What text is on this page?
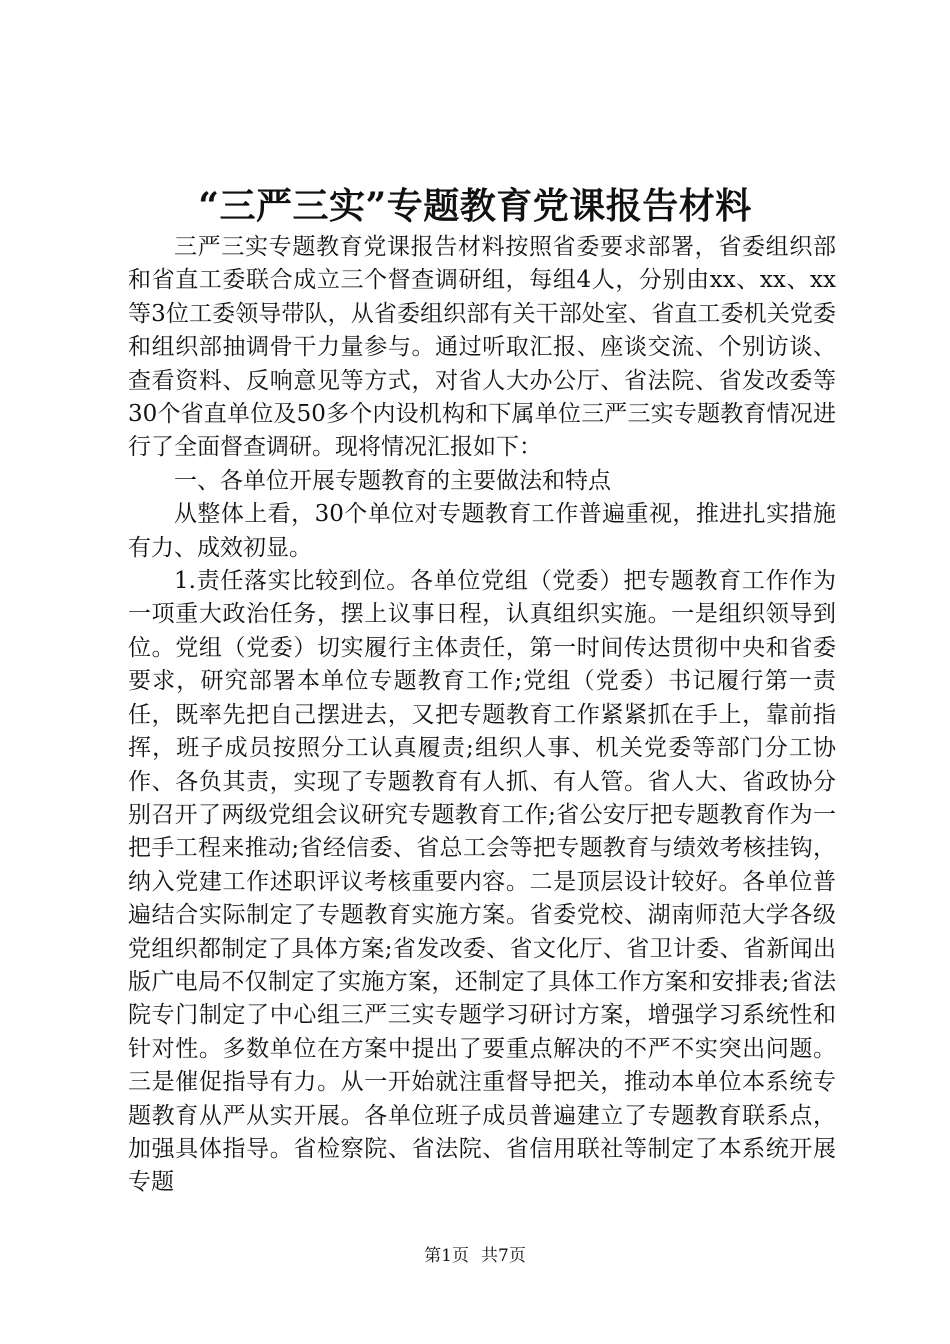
“三严三实”专题教育党课报告材料

三严三实专题教育党课报告材料按照省委要求部署，省委组织部和省直工委联合成立三个督查调研组，每组4人，分别由xx、xx、xx等3位工委领导带队，从省委组织部有关干部处室、省直工委机关党委和组织部抽调骨干力量参与。通过听取汇报、座谈交流、个别访谈、查看资料、反响意见等方式，对省人大办公厅、省法院、省发改委等30个省直单位及50多个内设机构和下属单位三严三实专题教育情况进行了全面督查调研。现将情况汇报如下：

一、各单位开展专题教育的主要做法和特点

从整体上看，30个单位对专题教育工作普遍重视，推进扎实措施有力、成效初显。

1.责任落实比较到位。各单位党组（党委）把专题教育工作作为一项重大政治任务，摆上议事日程，认真组织实施。一是组织领导到位。党组（党委）切实履行主体责任，第一时间传达贯彻中央和省委要求，研究部署本单位专题教育工作;党组（党委）书记履行第一责任，既率先把自己摆进去，又把专题教育工作紧紧抓在手上，靠前指挥，班子成员按照分工认真履责;组织人事、机关党委等部门分工协作、各负其责，实现了专题教育有人抓、有人管。省人大、省政协分别召开了两级党组会议研究专题教育工作;省公安厅把专题教育作为一把手工程来推动;省经信委、省总工会等把专题教育与绩效考核挂钩，纳入党建工作述职评议考核重要内容。二是顶层设计较好。各单位普遍结合实际制定了专题教育实施方案。省委党校、湖南师范大学各级党组织都制定了具体方案;省发改委、省文化厅、省卫计委、省新闻出版广电局不仅制定了实施方案，还制定了具体工作方案和安排表;省法院专门制定了中心组三严三实专题学习研讨方案，增强学习系统性和针对性。多数单位在方案中提出了要重点解决的不严不实突出问题。三是催促指导有力。从一开始就注重督导把关，推动本单位本系统专题教育从严从实开展。各单位班子成员普遍建立了专题教育联系点，加强具体指导。省检察院、省法院、省信用联社等制定了本系统开展专题

第1页 共7页
